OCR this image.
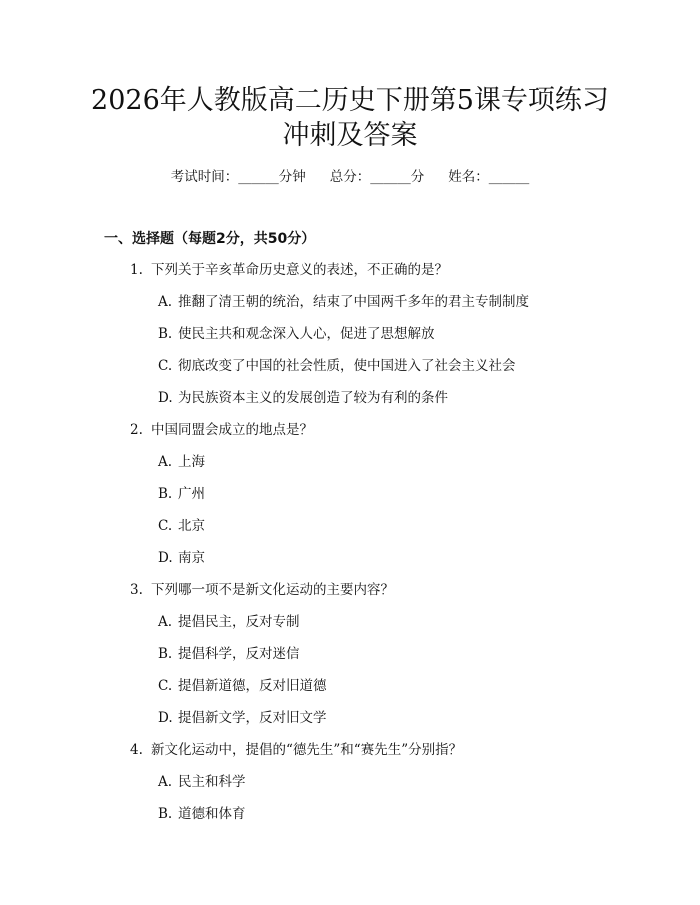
2026年人教版高二历史下册第5课专项练习
冲刺及答案
考试时间：______分钟 总分：______分 姓名：______
一、选择题（每题2分，共50分）
1. 下列关于辛亥革命历史意义的表述，不正确的是？
A. 推翻了清王朝的统治，结束了中国两千多年的君主专制制度
B. 使民主共和观念深入人心，促进了思想解放
C. 彻底改变了中国的社会性质，使中国进入了社会主义社会
D. 为民族资本主义的发展创造了较为有利的条件
2. 中国同盟会成立的地点是？
A. 上海
B. 广州
C. 北京
D. 南京
3. 下列哪一项不是新文化运动的主要内容？
A. 提倡民主，反对专制
B. 提倡科学，反对迷信
C. 提倡新道德，反对旧道德
D. 提倡新文学，反对旧文学
4. 新文化运动中，提倡的“德先生”和“赛先生”分别指？
A. 民主和科学
B. 道德和体育
